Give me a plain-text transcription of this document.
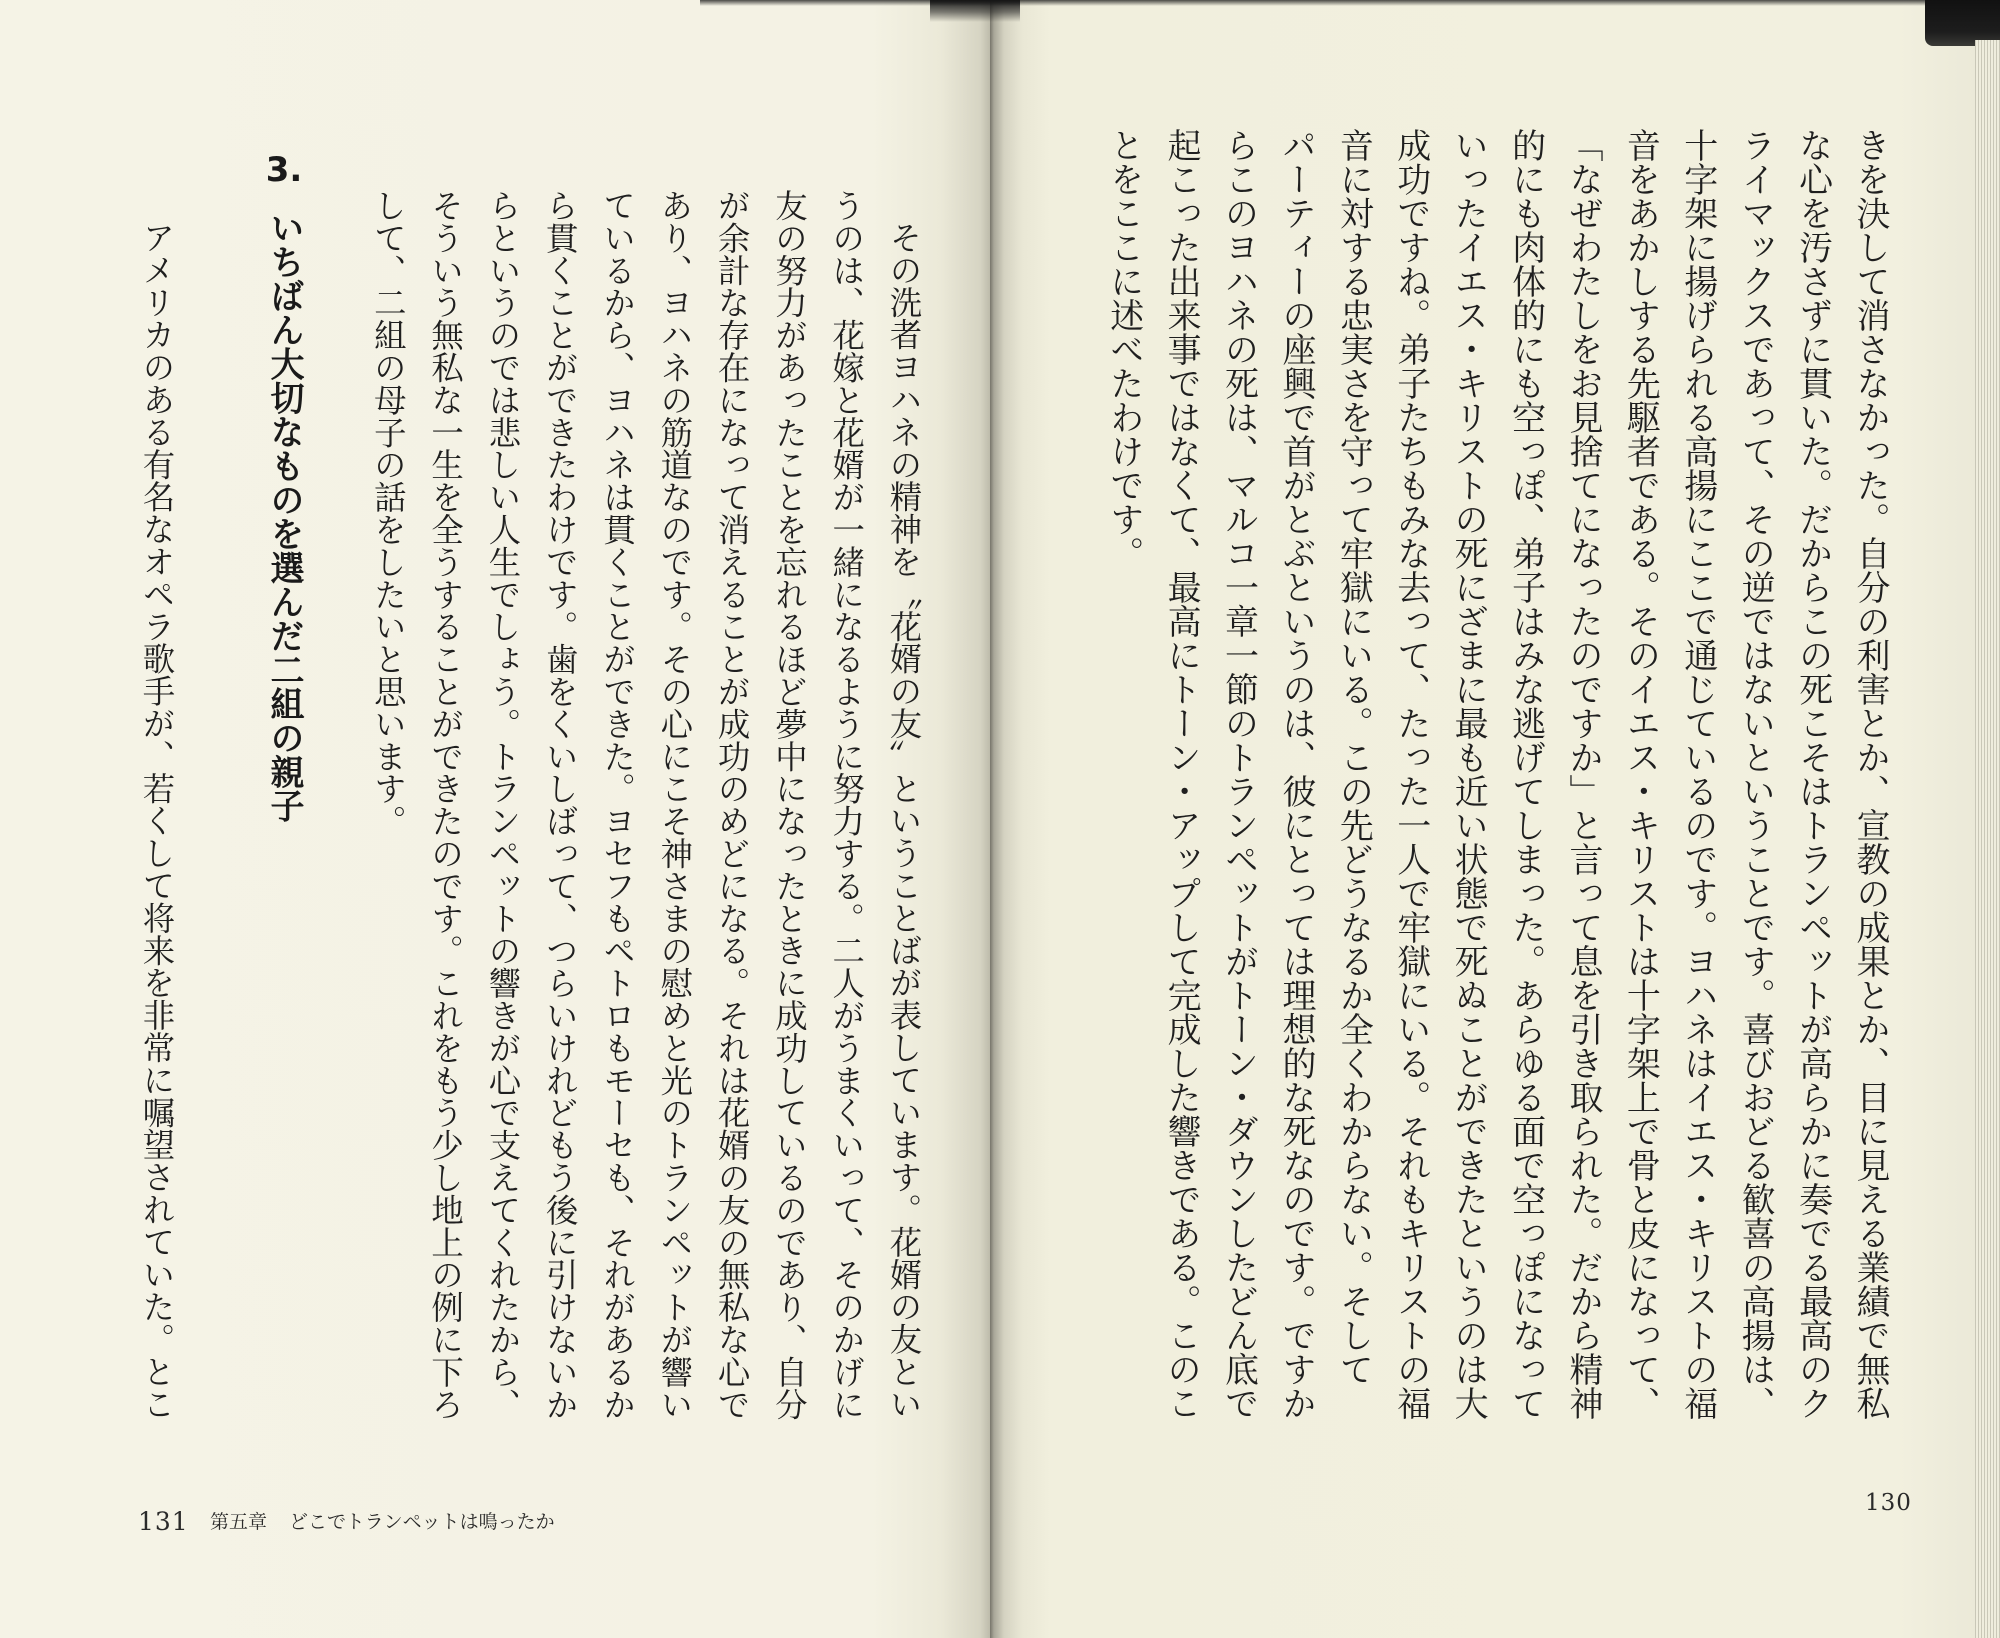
きを決して消さなかった。自分の利害とか、宣教の成果とか、目に見える業績で無私
な心を汚さずに貫いた。だからこの死こそはトランペットが高らかに奏でる最高のク
ライマックスであって、その逆ではないということです。喜びおどる歓喜の高揚は、
十字架に揚げられる高揚にここで通じているのです。ヨハネはイエス・キリストの福
音をあかしする先駆者である。そのイエス・キリストは十字架上で骨と皮になって、
「なぜわたしをお見捨てになったのですか」と言って息を引き取られた。だから精神
的にも肉体的にも空っぽ、弟子はみな逃げてしまった。あらゆる面で空っぽになって
いったイエス・キリストの死にざまに最も近い状態で死ぬことができたというのは大
成功ですね。弟子たちもみな去って、たった一人で牢獄にいる。それもキリストの福
音に対する忠実さを守って牢獄にいる。この先どうなるか全くわからない。そして
パーティーの座興で首がとぶというのは、彼にとっては理想的な死なのです。ですか
らこのヨハネの死は、マルコ一章一節のトランペットがトーン・ダウンしたどん底で
起こった出来事ではなくて、最高にトーン・アップして完成した響きである。このこ
とをここに述べたわけです。
その洗者ヨハネの精神を〝花婿の友〟ということばが表しています。花婿の友とい
うのは、花嫁と花婿が一緒になるように努力する。二人がうまくいって、そのかげに
友の努力があったことを忘れるほど夢中になったときに成功しているのであり、自分
が余計な存在になって消えることが成功のめどになる。それは花婿の友の無私な心で
あり、ヨハネの筋道なのです。その心にこそ神さまの慰めと光のトランペットが響い
ているから、ヨハネは貫くことができた。ヨセフもペトロもモーセも、それがあるか
ら貫くことができたわけです。歯をくいしばって、つらいけれどもう後に引けないか
らというのでは悲しい人生でしょう。トランペットの響きが心で支えてくれたから、
そういう無私な一生を全うすることができたのです。これをもう少し地上の例に下ろ
して、二組の母子の話をしたいと思います。
3.いちばん大切なものを選んだ二組の親子
アメリカのある有名なオペラ歌手が、若くして将来を非常に嘱望されていた。とこ
131 第五章 どこでトランペットは鳴ったか
130
